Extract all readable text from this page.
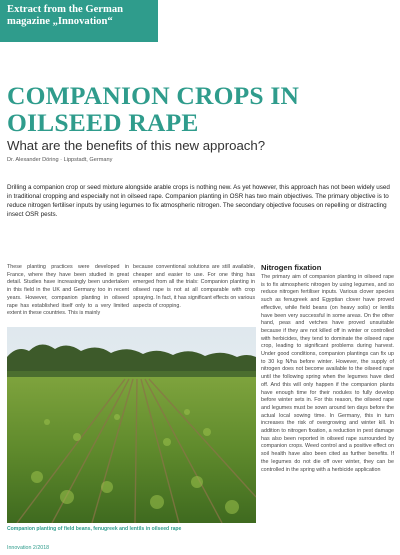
Extract from the German
magazine „Innovation“
COMPANION CROPS IN
OILSEED RAPE
What are the benefits of this new approach?
Dr. Alexander Döring · Lippstadt, Germany
Drilling a companion crop or seed mixture alongside arable crops is nothing new. As yet however, this approach has not been widely used in traditional cropping and especially not in oilseed rape. Companion planting in OSR has two main objectives. The primary objective is to reduce nitrogen fertiliser inputs by using legumes to fix atmospheric nitrogen. The secondary objective focuses on repelling or distracting insect OSR pests.
These planting practices were developed in France, where they have been studied in great detail. Studies have increasingly been undertaken in this field in the UK and Germany too in recent years. However, companion planting in oilseed rape has established itself only to a very limited extent in these countries. This is mainly
because conventional solutions are still available, cheaper and easier to use. For one thing has emerged from all the trials: Companion planting in oilseed rape is not at all comparable with crop spraying. In fact, it has significant effects on various aspects of cropping.
Nitrogen fixation
The primary aim of companion planting in oilseed rape is to fix atmospheric nitrogen by using legumes, and so reduce nitrogen fertiliser inputs. Various clover species such as fenugreek and Egyptian clover have proved effective, while field beans (on heavy soils) or lentils have been very successful in some areas. On the other hand, peas and vetches have proved unsuitable because if they are not killed off in winter or controlled with herbicides, they tend to dominate the oilseed rape crop, leading to significant problems during harvest. Under good conditions, companion plantings can fix up to 30 kg N/ha before winter. However, the supply of nitrogen does not become available to the oilseed rape until the following spring when the legumes have died off. And this will only happen if the companion plants have enough time for their nodules to fully develop before winter sets in. For this reason, the oilseed rape and legumes must be sown around ten days before the actual local sowing time. In Germany, this in turn increases the risk of overgrowing and winter kill. In addition to nitrogen fixation, a reduction in pest damage has also been reported in oilseed rape surrounded by companion crops. Weed control and a positive effect on soil health have also been cited as further benefits. If the legumes do not die off over winter, they can be controlled in the spring with a herbicide application
Companion planting of field beans, fenugreek and lentils in oilseed rape
Innovation 2/2018
